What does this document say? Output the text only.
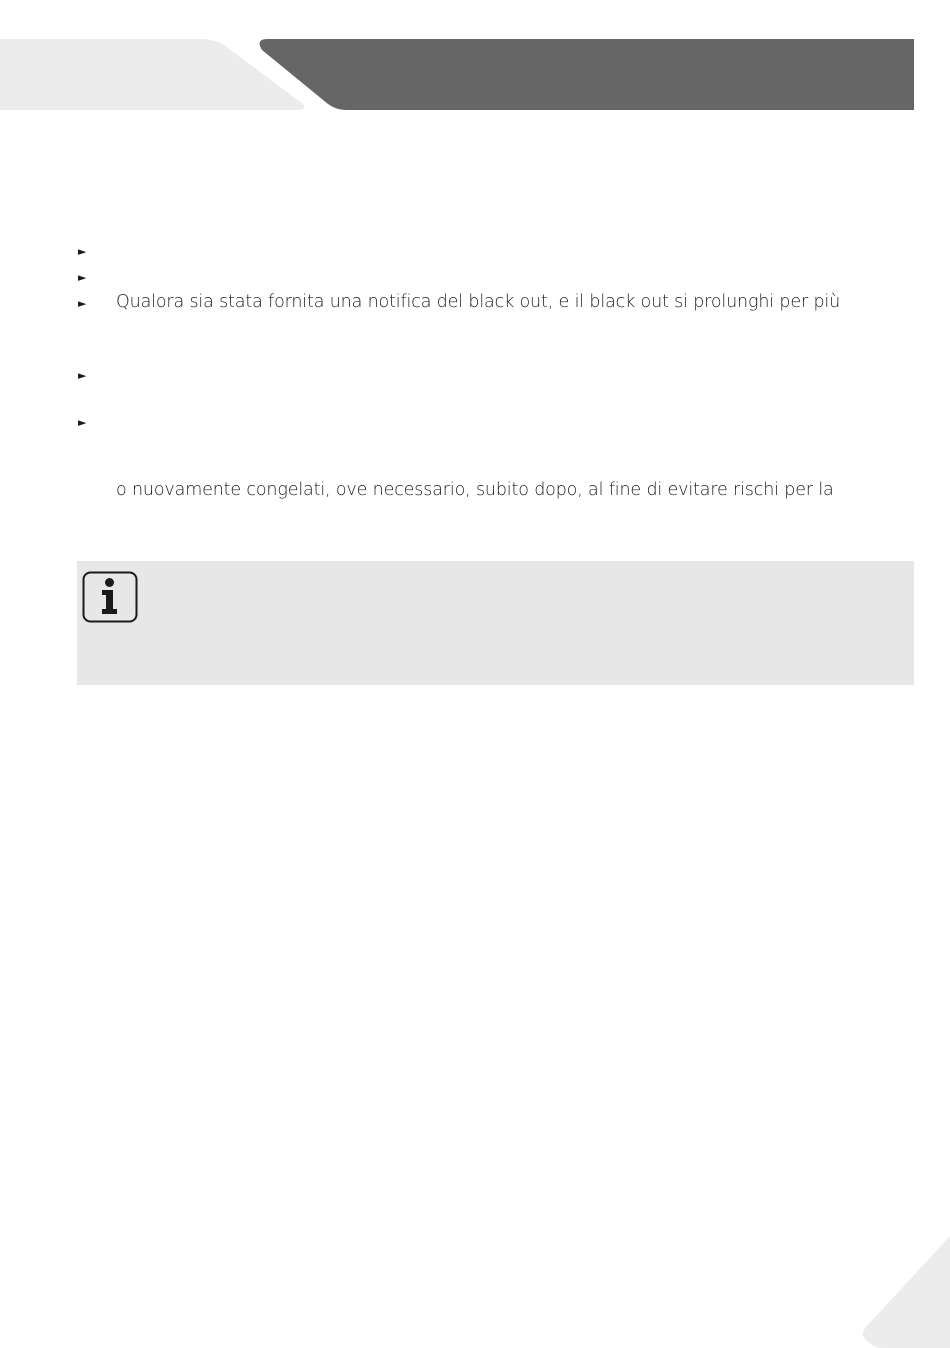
►
►
►
►
►
Qualora sia stata fornita una notifica del black out, e il black out si prolunghi per più
o nuovamente congelati, ove necessario, subito dopo, al fine di evitare rischi per la
